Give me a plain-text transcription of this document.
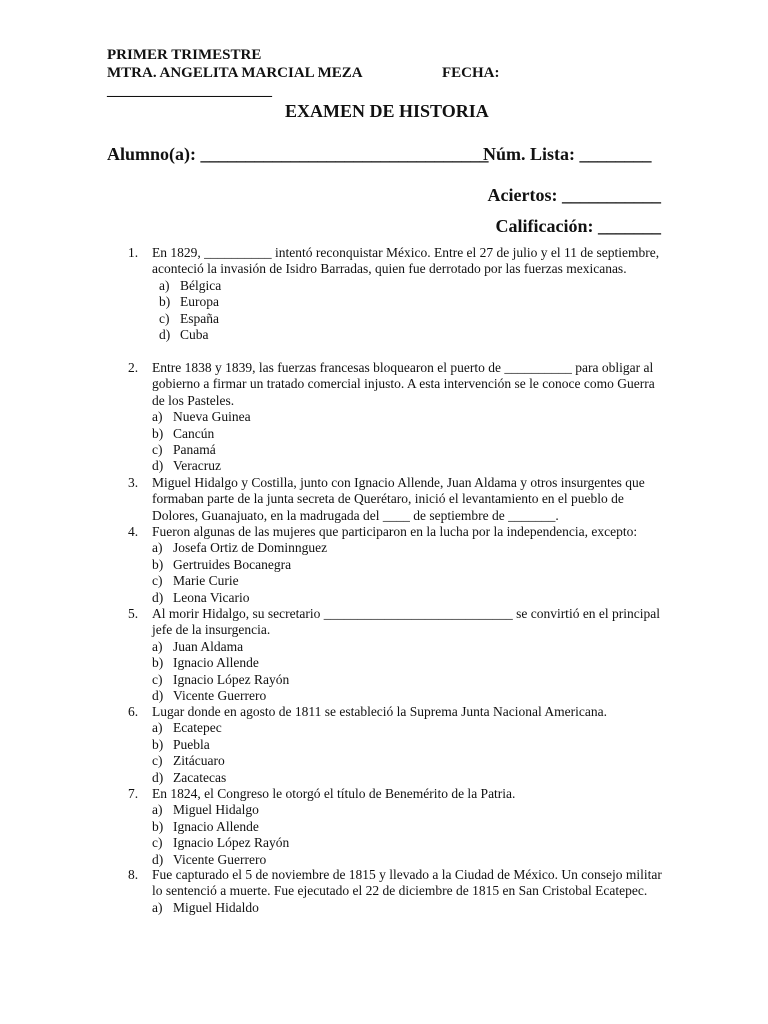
PRIMER TRIMESTRE
MTRA. ANGELITA MARCIAL MEZA	FECHA:
______________________
EXAMEN DE HISTORIA
Alumno(a): ________________________________
Núm. Lista: ________
Aciertos: ___________
Calificación: _______
1. En 1829, __________ intentó reconquistar México. Entre el 27 de julio y el 11 de septiembre, aconteció la invasión de Isidro Barradas, quien fue derrotado por las fuerzas mexicanas.
a) Bélgica
b) Europa
c) España
d) Cuba
2. Entre 1838 y 1839, las fuerzas francesas bloquearon el puerto de __________ para obligar al gobierno a firmar un tratado comercial injusto. A esta intervención se le conoce como Guerra de los Pasteles.
a) Nueva Guinea
b) Cancún
c) Panamá
d) Veracruz
3. Miguel Hidalgo y Costilla, junto con Ignacio Allende, Juan Aldama y otros insurgentes que formaban parte de la junta secreta de Querétaro, inició el levantamiento en el pueblo de Dolores, Guanajuato, en la madrugada del ____ de septiembre de _______.
4. Fueron algunas de las mujeres que participaron en la lucha por la independencia, excepto:
a) Josefa Ortiz de Dominnguez
b) Gertruides Bocanegra
c) Marie Curie
d) Leona Vicario
5. Al morir Hidalgo, su secretario ____________________________ se convirtió en el principal jefe de la insurgencia.
a) Juan Aldama
b) Ignacio Allende
c) Ignacio López Rayón
d) Vicente Guerrero
6. Lugar donde en agosto de 1811 se estableció la Suprema Junta Nacional Americana.
a) Ecatepec
b) Puebla
c) Zitácuaro
d) Zacatecas
7. En 1824, el Congreso le otorgó el título de Benemérito de la Patria.
a) Miguel Hidalgo
b) Ignacio Allende
c) Ignacio López Rayón
d) Vicente Guerrero
8. Fue capturado el 5 de noviembre de 1815 y llevado a la Ciudad de México. Un consejo militar lo sentenció a muerte. Fue ejecutado el 22 de diciembre de 1815 en San Cristobal Ecatepec.
a) Miguel Hidaldo
